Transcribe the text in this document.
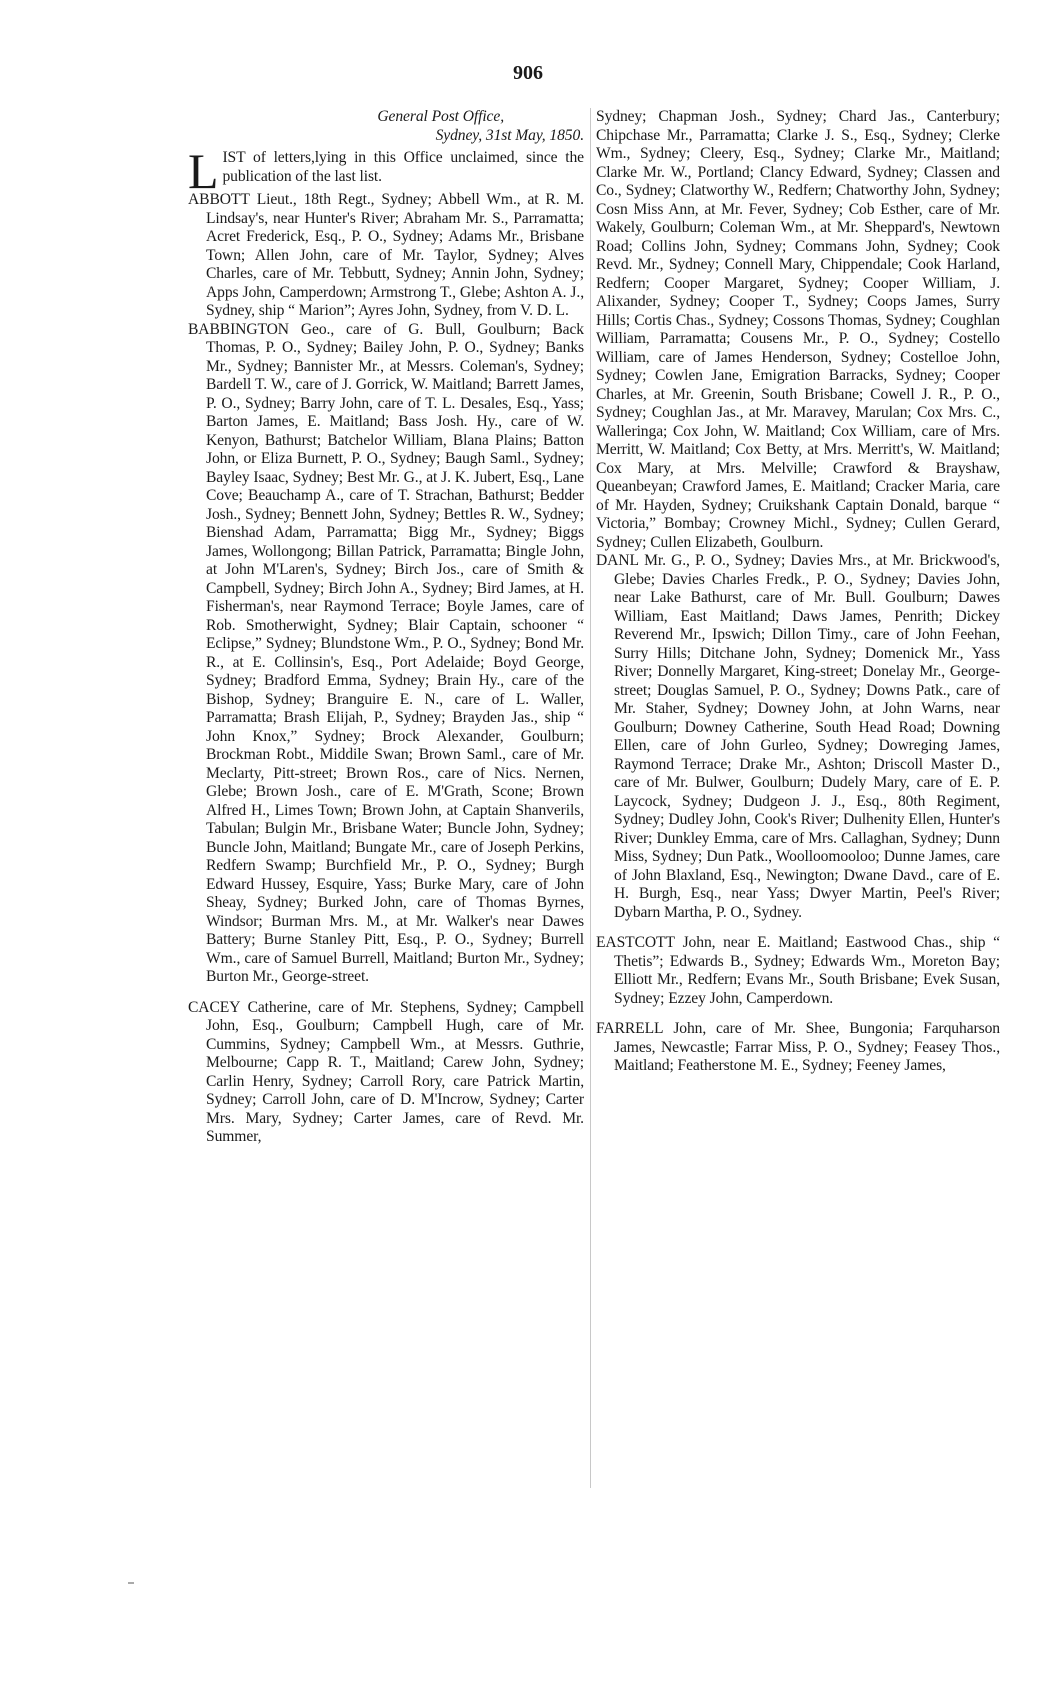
906
General Post Office,
Sydney, 31st May, 1850.
LIST of letters,lying in this Office unclaimed, since the publication of the last list.

ABBOTT Lieut., 18th Regt., Sydney; Abbell Wm., at R. M. Lindsay's, near Hunter's River; Abraham Mr. S., Parramatta; Acret Frederick, Esq., P. O., Sydney; Adams Mr., Brisbane Town; Allen John, care of Mr. Taylor, Sydney; Alves Charles, care of Mr. Tebbutt, Sydney; Annin John, Sydney; Apps John, Camperdown; Armstrong T., Glebe; Ashton A. J., Sydney, ship “ Marion”; Ayres John, Sydney, from V. D. L.

BABBINGTON Geo., care of G. Bull, Goulburn; Back Thomas, P. O., Sydney; Bailey John, P. O., Sydney; Banks Mr., Sydney; Bannister Mr., at Messrs. Coleman's, Sydney; Bardell T. W., care of J. Gorrick, W. Maitland; Barrett James, P. O., Sydney; Barry John, care of T. L. Desales, Esq., Yass; Barton James, E. Maitland; Bass Josh. Hy., care of W. Kenyon, Bathurst; Batchelor William, Blana Plains; Batton John, or Eliza Burnett, P. O., Sydney; Baugh Saml., Sydney; Bayley Isaac, Sydney; Best Mr. G., at J. K. Jubert, Esq., Lane Cove; Beauchamp A., care of T. Strachan, Bathurst; Bedder Josh., Sydney; Bennett John, Sydney; Bettles R. W., Sydney; Bienshad Adam, Parramatta; Bigg Mr., Sydney; Biggs James, Wollongong; Billan Patrick, Parramatta; Bingle John, at John M'Laren's, Sydney; Birch Jos., care of Smith & Campbell, Sydney; Birch John A., Sydney; Bird James, at H. Fisherman's, near Raymond Terrace; Boyle James, care of Rob. Smotherwight, Sydney; Blair Captain, schooner “ Eclipse,” Sydney; Blundstone Wm., P. O., Sydney; Bond Mr. R., at E. Collinsin's, Esq., Port Adelaide; Boyd George, Sydney; Bradford Emma, Sydney; Brain Hy., care of the Bishop, Sydney; Branguire E. N., care of L. Waller, Parramatta; Brash Elijah, P., Sydney; Brayden Jas., ship “ John Knox,” Sydney; Brock Alexander, Goulburn; Brockman Robt., Middile Swan; Brown Saml., care of Mr. Meclarty, Pitt-street; Brown Ros., care of Nics. Nernen, Glebe; Brown Josh., care of E. M'Grath, Scone; Brown Alfred H., Limes Town; Brown John, at Captain Shanverils, Tabulan; Bulgin Mr., Brisbane Water; Buncle John, Sydney; Buncle John, Maitland; Bungate Mr., care of Joseph Perkins, Redfern Swamp; Burchfield Mr., P. O., Sydney; Burgh Edward Hussey, Esquire, Yass; Burke Mary, care of John Sheay, Sydney; Burked John, care of Thomas Byrnes, Windsor; Burman Mrs. M., at Mr. Walker's near Dawes Battery; Burne Stanley Pitt, Esq., P. O., Sydney; Burrell Wm., care of Samuel Burrell, Maitland; Burton Mr., Sydney; Burton Mr., George-street.

CACEY Catherine, care of Mr. Stephens, Sydney; Campbell John, Esq., Goulburn; Campbell Hugh, care of Mr. Cummins, Sydney; Campbell Wm., at Messrs. Guthrie, Melbourne; Capp R. T., Maitland; Carew John, Sydney; Carlin Henry, Sydney; Carroll Rory, care Patrick Martin, Sydney; Carroll John, care of D. M'Incrow, Sydney; Carter Mrs. Mary, Sydney; Carter James, care of Revd. Mr. Summer,

Sydney; Chapman Josh., Sydney; Chard Jas., Canterbury; Chipchase Mr., Parramatta; Clarke J. S., Esq., Sydney; Clerke Wm., Sydney; Cleery, Esq., Sydney; Clarke Mr., Maitland; Clarke Mr. W., Portland; Clancy Edward, Sydney; Classen and Co., Sydney; Clatworthy W., Redfern; Chatworthy John, Sydney; Cosn Miss Ann, at Mr. Fever, Sydney; Cob Esther, care of Mr. Wakely, Goulburn; Coleman Wm., at Mr. Sheppard's, Newtown Road; Collins John, Sydney; Commans John, Sydney; Cook Revd. Mr., Sydney; Connell Mary, Chippendale; Cook Harland, Redfern; Cooper Margaret, Sydney; Cooper William, J. Alixander, Sydney; Cooper T., Sydney; Coops James, Surry Hills; Cortis Chas., Sydney; Cossons Thomas, Sydney; Coughlan William, Parramatta; Cousens Mr., P. O., Sydney; Costello William, care of James Henderson, Sydney; Costelloe John, Sydney; Cowlen Jane, Emigration Barracks, Sydney; Cooper Charles, at Mr. Greenin, South Brisbane; Cowell J. R., P. O., Sydney; Coughlan Jas., at Mr. Maravey, Marulan; Cox Mrs. C., Walleringa; Cox John, W. Maitland; Cox William, care of Mrs. Merritt, W. Maitland; Cox Betty, at Mrs. Merritt's, W. Maitland; Cox Mary, at Mrs. Melville; Crawford & Brayshaw, Queanbeyan; Crawford James, E. Maitland; Cracker Maria, care of Mr. Hayden, Sydney; Cruikshank Captain Donald, barque “ Victoria,” Bombay; Crowney Michl., Sydney; Cullen Gerard, Sydney; Cullen Elizabeth, Goulburn.

DANL Mr. G., P. O., Sydney; Davies Mrs., at Mr. Brickwood's, Glebe; Davies Charles Fredk., P. O., Sydney; Davies John, near Lake Bathurst, care of Mr. Bull. Goulburn; Dawes William, East Maitland; Daws James, Penrith; Dickey Reverend Mr., Ipswich; Dillon Timy., care of John Feehan, Surry Hills; Ditchane John, Sydney; Domenick Mr., Yass River; Donnelly Margaret, King-street; Donelay Mr., George-street; Douglas Samuel, P. O., Sydney; Downs Patk., care of Mr. Staher, Sydney; Downey John, at John Warns, near Goulburn; Downey Catherine, South Head Road; Downing Ellen, care of John Gurleo, Sydney; Dowreging James, Raymond Terrace; Drake Mr., Ashton; Driscoll Master D., care of Mr. Bulwer, Goulburn; Dudely Mary, care of E. P. Laycock, Sydney; Dudgeon J. J., Esq., 80th Regiment, Sydney; Dudley John, Cook's River; Dulhenity Ellen, Hunter's River; Dunkley Emma, care of Mrs. Callaghan, Sydney; Dunn Miss, Sydney; Dun Patk., Woolloomooloo; Dunne James, care of John Blaxland, Esq., Newington; Dwane Davd., care of E. H. Burgh, Esq., near Yass; Dwyer Martin, Peel's River; Dybarn Martha, P. O., Sydney.

EASTCOTT John, near E. Maitland; Eastwood Chas., ship “ Thetis”; Edwards B., Sydney; Edwards Wm., Moreton Bay; Elliott Mr., Redfern; Evans Mr., South Brisbane; Evek Susan, Sydney; Ezzey John, Camperdown.

FARRELL John, care of Mr. Shee, Bungonia; Farquharson James, Newcastle; Farrar Miss, P. O., Sydney; Feasey Thos., Maitland; Featherstone M. E., Sydney; Feeney James,
